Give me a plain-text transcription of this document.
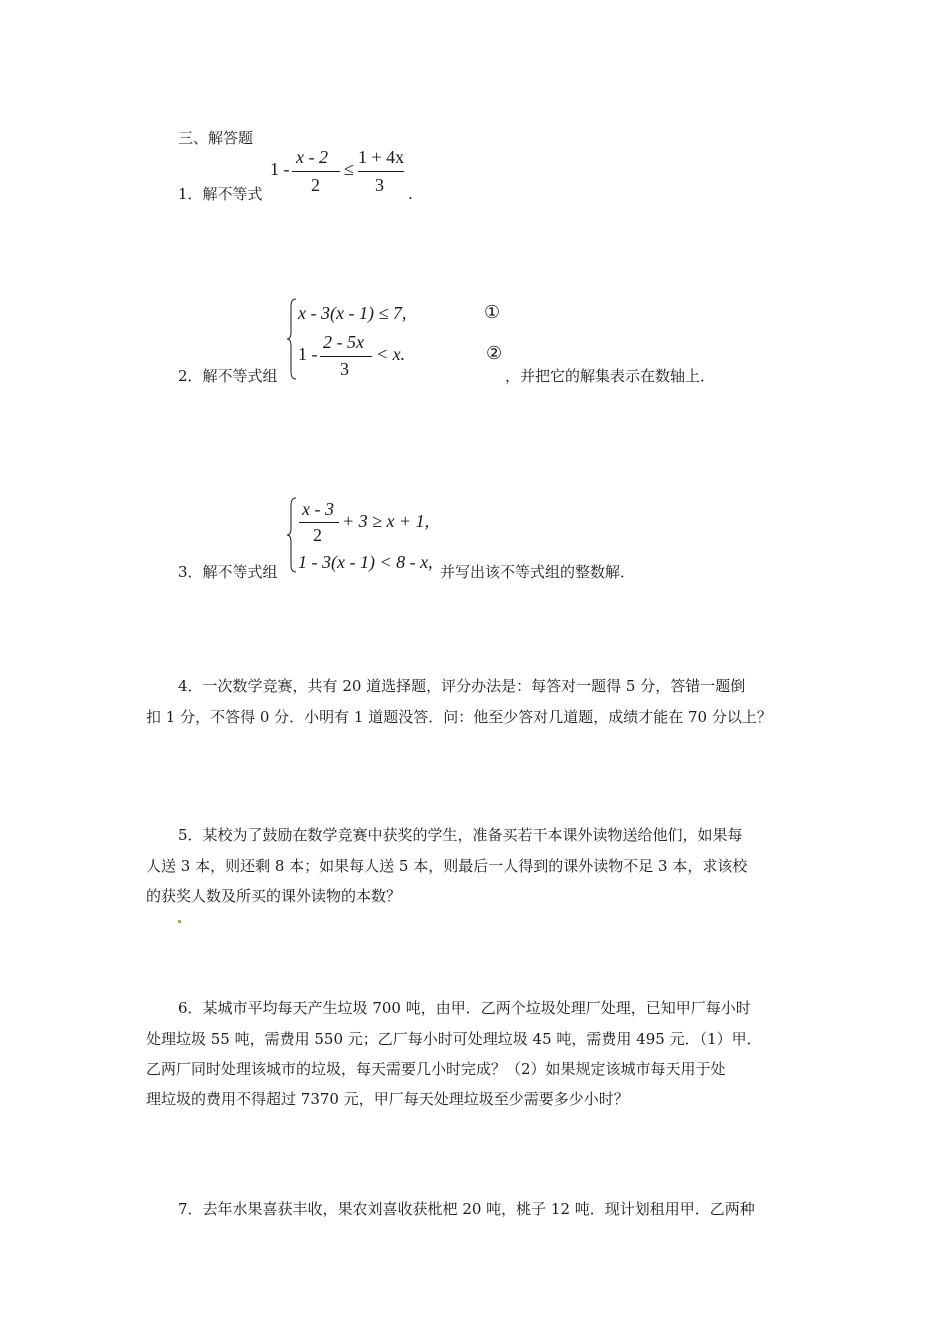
三、解答题
1．解不等式
1 -
x - 2
2
≤
1 + 4x
3 .
2．解不等式组
x - 3(x - 1) ≤ 7,	①
1 -
2 - 5x
3
< x.	②
，并把它的解集表示在数轴上．
3．解不等式组
x - 3
2
+ 3 ≥ x + 1,
1 - 3(x - 1) < 8 - x, 并写出该不等式组的整数解．
4．一次数学竞赛，共有 20 道选择题，评分办法是：每答对一题得 5 分，答错一题倒
扣 1 分，不答得 0 分．小明有 1 道题没答．问：他至少答对几道题，成绩才能在 70 分以上？
5．某校为了鼓励在数学竞赛中获奖的学生，准备买若干本课外读物送给他们，如果每
人送 3 本，则还剩 8 本；如果每人送 5 本，则最后一人得到的课外读物不足 3 本，求该校
的获奖人数及所买的课外读物的本数？
6．某城市平均每天产生垃圾 700 吨，由甲．乙两个垃圾处理厂处理，已知甲厂每小时
处理垃圾 55 吨，需费用 550 元；乙厂每小时可处理垃圾 45 吨，需费用 495 元．（1）甲．
乙两厂同时处理该城市的垃圾，每天需要几小时完成？（2）如果规定该城市每天用于处
理垃圾的费用不得超过 7370 元，甲厂每天处理垃圾至少需要多少小时？
7．去年水果喜获丰收，果农刘喜收获枇杷 20 吨，桃子 12 吨．现计划租用甲．乙两种
